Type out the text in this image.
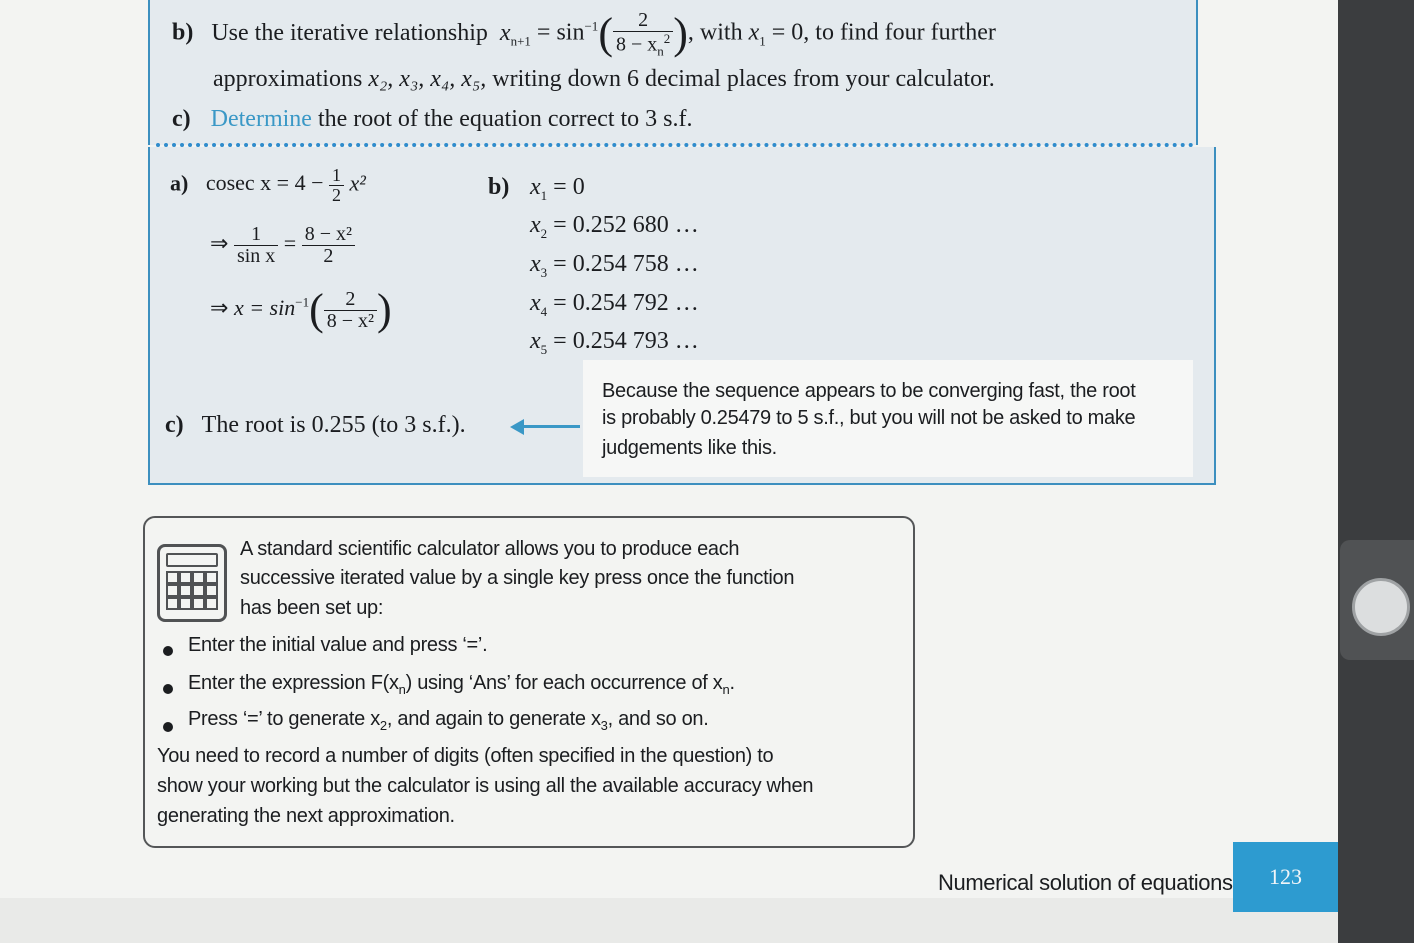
b) Use the iterative relationship $x_{n+1} = \sin^{-1}( \frac{2}{8 - x_n^2}$ ), with $x_1 = 0$, to find four further
approximations x₂, x₃, x₄, x₅, writing down 6 decimal places from your calculator.
c) Determine the root of the equation correct to 3 s.f.
a) cosec $x = 4 - \frac{1}{2} x^2$
⇒ $\frac{1}{\text{sin x}} = \frac{\text{8 − x²}}{2}$
⇒ $x = \sin^{-1}( \frac{2}{\text{8 − x²}}$ )
b) $x_1 = 0$
$x_2 = 0.252$ 680 …
$x_3 = 0.254$ 758 …
$x_4 = 0.254$ 792 …
$x_5 = 0.254$ 793 …
Because the sequence appears to be converging fast, the root
is probably 0.25479 to 5 s.f., but you will not be asked to make
judgements like this.
c) The root is 0.255 (to 3 s.f.).
A standard scientific calculator allows you to produce each
successive iterated value by a single key press once the function
has been set up:
Enter the initial value and press ‘=’.
Enter the expression $F(x_n)$ using ‘Ans’ for each occurrence of $x_n$.
Press ‘=’ to generate $x_2$, and again to generate $x_3$, and so on.
You need to record a number of digits (often specified in the question) to
show your working but the calculator is using all the available accuracy when
generating the next approximation.
Numerical solution of equations 123
